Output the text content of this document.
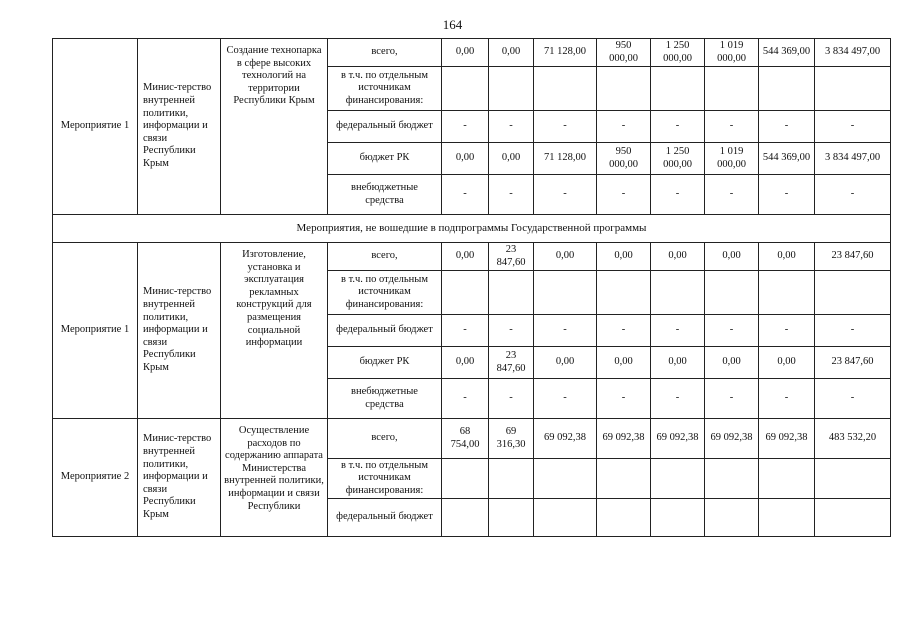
164
Мероприятие 1	Минис-терство внутренней политики, информации и связи Республики Крым	Создание технопарка в сфере высоких технологий на территории Республики Крым	всего,	0,00	0,00	71 128,00	950 000,00	1 250 000,00	1 019 000,00	544 369,00	3 834 497,00
			в т.ч. по отдельным источникам финансирования:								
			федеральный бюджет	-	-	-	-	-	-	-	-
			бюджет РК	0,00	0,00	71 128,00	950 000,00	1 250 000,00	1 019 000,00	544 369,00	3 834 497,00
			внебюджетные средства	-	-	-	-	-	-	-	-
Мероприятия, не вошедшие в подпрограммы Государственной программы											
Мероприятие 1	Минис-терство внутренней политики, информации и связи Республики Крым	Изготовление, установка и эксплуатация рекламных конструкций для размещения социальной информации	всего,	0,00	23 847,60	0,00	0,00	0,00	0,00	0,00	23 847,60
			в т.ч. по отдельным источникам финансирования:								
			федеральный бюджет	-	-	-	-	-	-	-	-
			бюджет РК	0,00	23 847,60	0,00	0,00	0,00	0,00	0,00	23 847,60
			внебюджетные средства	-	-	-	-	-	-	-	-
Мероприятие 2	Минис-терство внутренней политики, информации и связи Республики Крым	Осуществление расходов по содержанию аппарата Министерства внутренней политики, информации и связи Республики	всего,	68 754,00	69 316,30	69 092,38	69 092,38	69 092,38	69 092,38	69 092,38	483 532,20
			в т.ч. по отдельным источникам финансирования:								
			федеральный бюджет								
